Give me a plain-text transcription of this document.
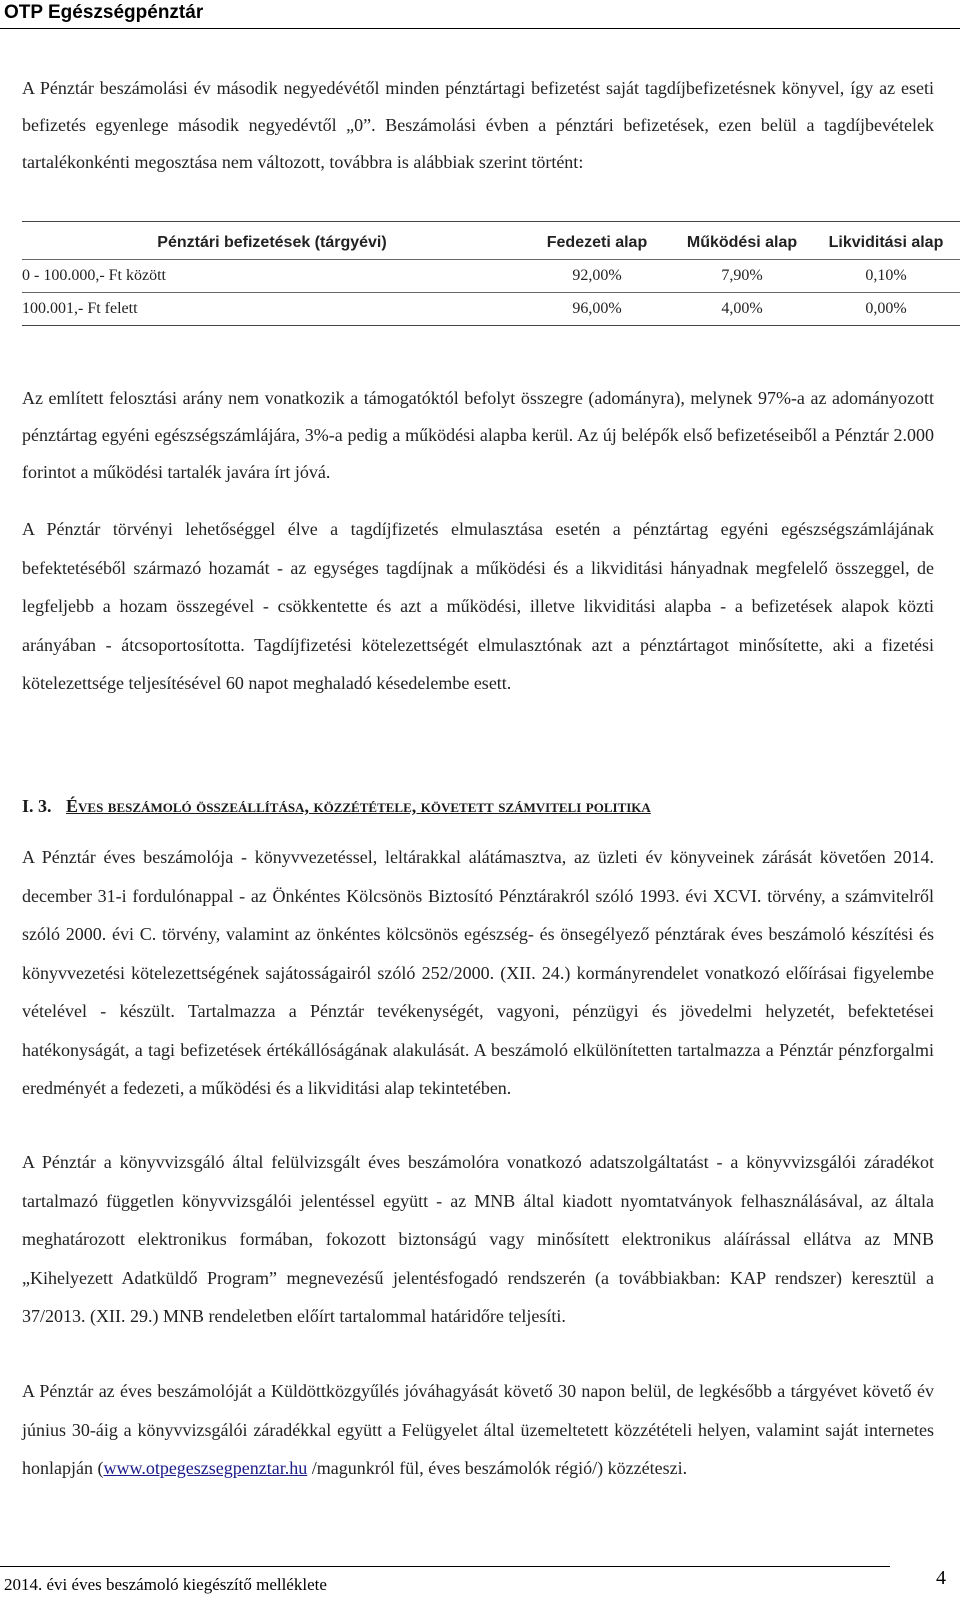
OTP Egészségpénztár

A Pénztár beszámolási év második negyedévétől minden pénztártagi befizetést saját tagdíjbefizetésnek könyvel, így az eseti befizetés egyenlege második negyedévtől „0”. Beszámolási évben a pénztári befizetések, ezen belül a tagdíjbevételek tartalékonkénti megosztása nem változott, továbbra is alábbiak szerint történt:

Pénztári befizetések (tárgyévi)	Fedezeti alap	Működési alap	Likviditási alap
0 - 100.000,- Ft között	92,00%	7,90%	0,10%
100.001,- Ft felett	96,00%	4,00%	0,00%

Az említett felosztási arány nem vonatkozik a támogatóktól befolyt összegre (adományra), melynek 97%-a az adományozott pénztártag egyéni egészségszámlájára, 3%-a pedig a működési alapba kerül. Az új belépők első befizetéseiből a Pénztár 2.000 forintot a működési tartalék javára írt jóvá.

A Pénztár törvényi lehetőséggel élve a tagdíjfizetés elmulasztása esetén a pénztártag egyéni egészségszámlájának befektetéséből származó hozamát - az egységes tagdíjnak a működési és a likviditási hányadnak megfelelő összeggel, de legfeljebb a hozam összegével - csökkentette és azt a működési, illetve likviditási alapba - a befizetések alapok közti arányában - átcsoportosította. Tagdíjfizetési kötelezettségét elmulasztónak azt a pénztártagot minősítette, aki a fizetési kötelezettsége teljesítésével 60 napot meghaladó késedelembe esett.

I. 3. Éves beszámoló összeállítása, közzététele, követett számviteli politika

A Pénztár éves beszámolója - könyvvezetéssel, leltárakkal alátámasztva, az üzleti év könyveinek zárását követően 2014. december 31-i fordulónappal - az Önkéntes Kölcsönös Biztosító Pénztárakról szóló 1993. évi XCVI. törvény, a számvitelről szóló 2000. évi C. törvény, valamint az önkéntes kölcsönös egészség- és önsegélyező pénztárak éves beszámoló készítési és könyvvezetési kötelezettségének sajátosságairól szóló 252/2000. (XII. 24.) kormányrendelet vonatkozó előírásai figyelembe vételével - készült. Tartalmazza a Pénztár tevékenységét, vagyoni, pénzügyi és jövedelmi helyzetét, befektetései hatékonyságát, a tagi befizetések értékállóságának alakulását. A beszámoló elkülönítetten tartalmazza a Pénztár pénzforgalmi eredményét a fedezeti, a működési és a likviditási alap tekintetében.

A Pénztár a könyvvizsgáló által felülvizsgált éves beszámolóra vonatkozó adatszolgáltatást - a könyvvizsgálói záradékot tartalmazó független könyvvizsgálói jelentéssel együtt - az MNB által kiadott nyomtatványok felhasználásával, az általa meghatározott elektronikus formában, fokozott biztonságú vagy minősített elektronikus aláírással ellátva az MNB „Kihelyezett Adatküldő Program” megnevezésű jelentésfogadó rendszerén (a továbbiakban: KAP rendszer) keresztül a 37/2013. (XII. 29.) MNB rendeletben előírt tartalommal határidőre teljesíti.

A Pénztár az éves beszámolóját a Küldöttközgyűlés jóváhagyását követő 30 napon belül, de legkésőbb a tárgyévet követő év június 30-áig a könyvvizsgálói záradékkal együtt a Felügyelet által üzemeltetett közzétételi helyen, valamint saját internetes honlapján (www.otpegeszsegpenztar.hu /magunkról fül, éves beszámolók régió/) közzéteszi.

2014. évi éves beszámoló kiegészítő melléklete	4
